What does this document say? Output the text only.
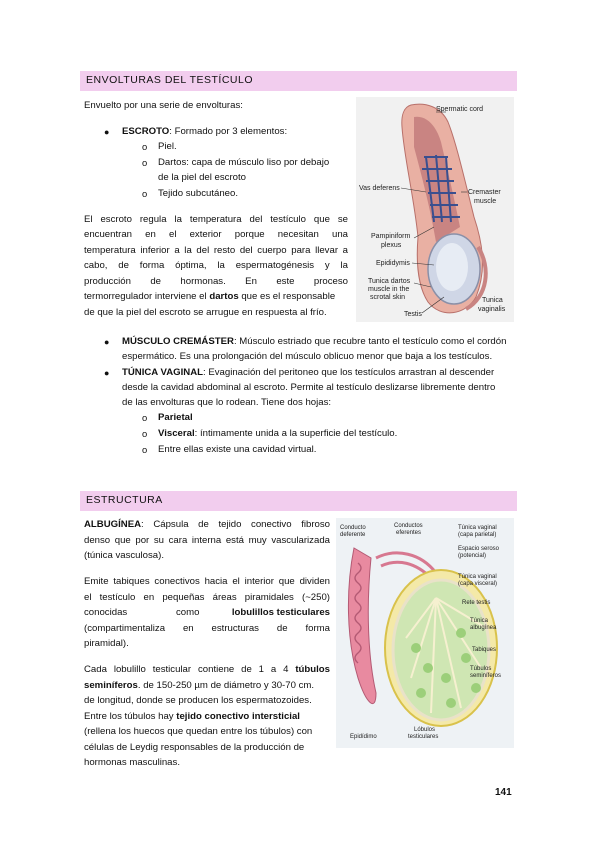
ENVOLTURAS DEL TESTÍCULO

Envuelto por una serie de envolturas:

● ESCROTO: Formado por 3 elementos:

o Piel.

o Dartos: capa de músculo liso por debajo

de la piel del escroto

o Tejido subcutáneo.

El escroto regula la temperatura del testículo que se

encuentran en el exterior porque necesitan una

temperatura inferior a la del resto del cuerpo para llevar a

cabo, de forma óptima, la espermatogénesis y la

producción de hormonas. En este proceso

termorregulador interviene el dartos que es el responsable

de que la piel del escroto se arrugue en respuesta al frío.

Spermatic cord
Vas deferens
Cremaster
muscle
Pampiniform
plexus
Epididymis
Tunica dartos
muscle in the
scrotal skin	Tunica
vaginalis
Testis
● MÚSCULO CREMÁSTER: Músculo estriado que recubre tanto el testículo como el cordón

espermático. Es una prolongación del músculo oblicuo menor que baja a los testículos.

● TÚNICA VAGINAL: Evaginación del peritoneo que los testículos arrastran al descender

desde la cavidad abdominal al escroto. Permite al testículo deslizarse libremente dentro

de las envolturas que lo rodean. Tiene dos hojas:

o Parietal

o Visceral: íntimamente unida a la superficie del testículo.

o Entre ellas existe una cavidad virtual.

ESTRUCTURA

ALBUGÍNEA: Cápsula de tejido conectivo fibroso

denso que por su cara interna está muy vascularizada

(túnica vasculosa).

Emite tabiques conectivos hacia el interior que dividen

el testículo en pequeñas áreas piramidales (~250)

conocidas	como	lobulillos testiculares

(compartimentaliza en estructuras de forma

piramidal).

Cada lobulillo testicular contiene de 1 a 4 túbulos

seminíferos. de 150-250 µm de diámetro y 30-70 cm.

de longitud, donde se producen los espermatozoides.

Entre los túbulos hay tejido conectivo intersticial

(rellena los huecos que quedan entre los túbulos) con

células de Leydig responsables de la producción de

hormonas masculinas.

Conducto
deferente
Conductos
eferentes
Túnica vaginal
(capa parietal)
Espacio seroso
(potencial)
Túnica vaginal
(capa visceral)
Rete testis
Túnica
albugínea
Tabiques
Túbulos
seminíferos
Epidídimo
Lóbulos
testiculares

141
